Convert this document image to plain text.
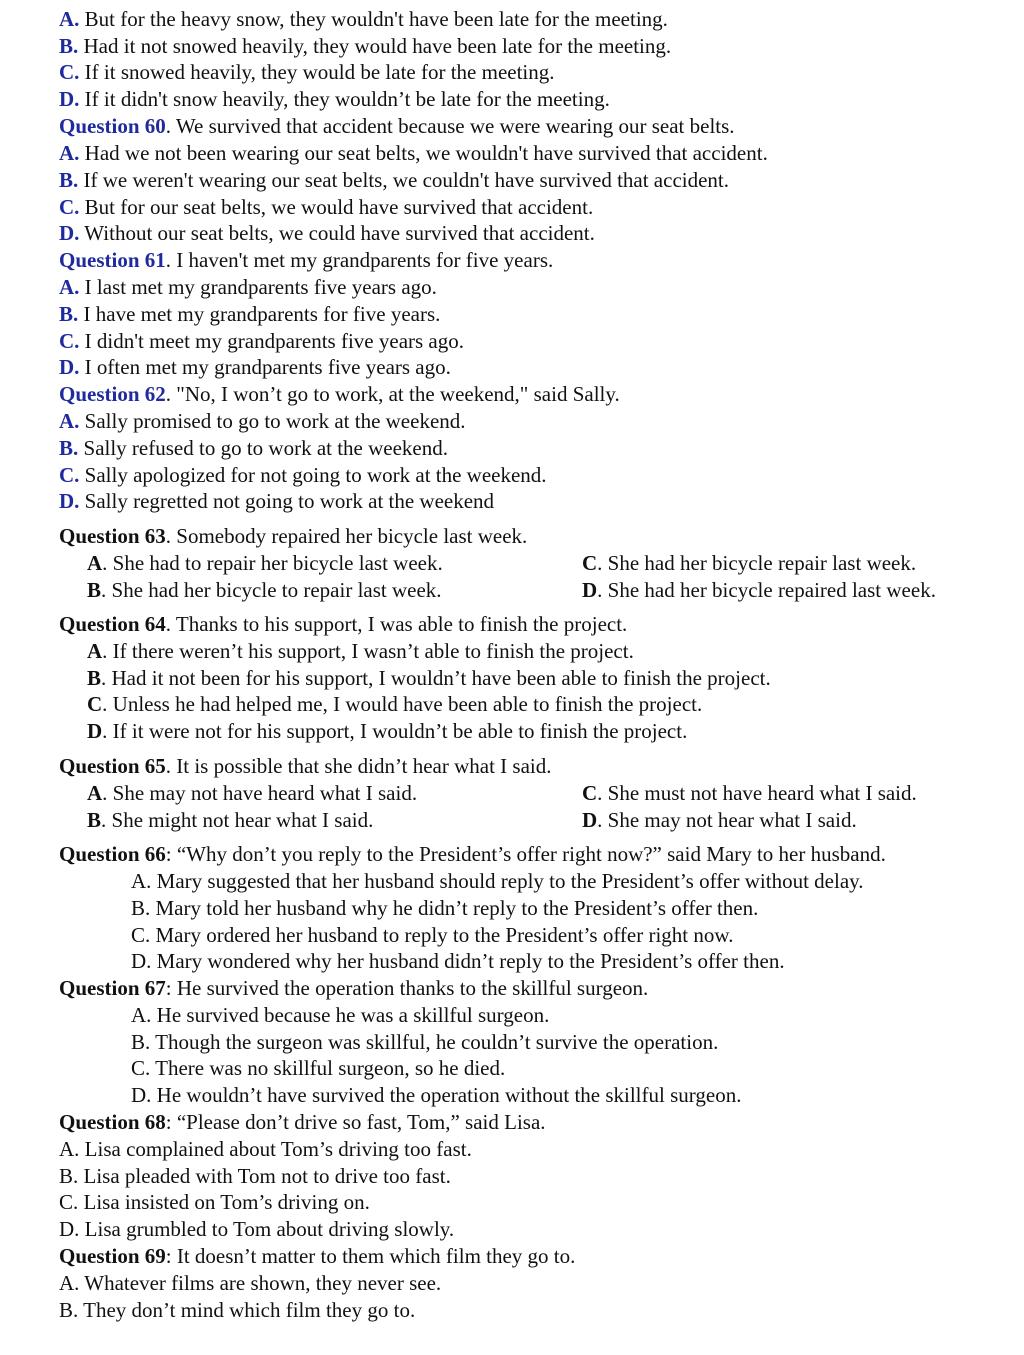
A. But for the heavy snow, they wouldn't have been late for the meeting.
B. Had it not snowed heavily, they would have been late for the meeting.
C. If it snowed heavily, they would be late for the meeting.
D. If it didn't snow heavily, they wouldn’t be late for the meeting.
Question 60. We survived that accident because we were wearing our seat belts.
A. Had we not been wearing our seat belts, we wouldn't have survived that accident.
B. If we weren't wearing our seat belts, we couldn't have survived that accident.
C. But for our seat belts, we would have survived that accident.
D. Without our seat belts, we could have survived that accident.
Question 61. I haven't met my grandparents for five years.
A. I last met my grandparents five years ago.
B. I have met my grandparents for five years.
C. I didn't meet my grandparents five years ago.
D. I often met my grandparents five years ago.
Question 62. "No, I won’t go to work, at the weekend," said Sally.
A. Sally promised to go to work at the weekend.
B. Sally refused to go to work at the weekend.
C. Sally apologized for not going to work at the weekend.
D. Sally regretted not going to work at the weekend
Question 63. Somebody repaired her bicycle last week.
A. She had to repair her bicycle last week.	C. She had her bicycle repair last week.
B. She had her bicycle to repair last week.	D. She had her bicycle repaired last week.
Question 64. Thanks to his support, I was able to finish the project.
A. If there weren’t his support, I wasn’t able to finish the project.
B. Had it not been for his support, I wouldn’t have been able to finish the project.
C. Unless he had helped me, I would have been able to finish the project.
D. If it were not for his support, I wouldn’t be able to finish the project.
Question 65. It is possible that she didn’t hear what I said.
A. She may not have heard what I said.	C. She must not have heard what I said.
B. She might not hear what I said.	D. She may not hear what I said.
Question 66: “Why don’t you reply to the President’s offer right now?” said Mary to her husband.
A. Mary suggested that her husband should reply to the President’s offer without delay.
B. Mary told her husband why he didn’t reply to the President’s offer then.
C. Mary ordered her husband to reply to the President’s offer right now.
D. Mary wondered why her husband didn’t reply to the President’s offer then.
Question 67: He survived the operation thanks to the skillful surgeon.
A. He survived because he was a skillful surgeon.
B. Though the surgeon was skillful, he couldn’t survive the operation.
C. There was no skillful surgeon, so he died.
D. He wouldn’t have survived the operation without the skillful surgeon.
Question 68: “Please don’t drive so fast, Tom,” said Lisa.
A. Lisa complained about Tom’s driving too fast.
B. Lisa pleaded with Tom not to drive too fast.
C. Lisa insisted on Tom’s driving on.
D. Lisa grumbled to Tom about driving slowly.
Question 69: It doesn’t matter to them which film they go to.
A. Whatever films are shown, they never see.
B. They don’t mind which film they go to.
